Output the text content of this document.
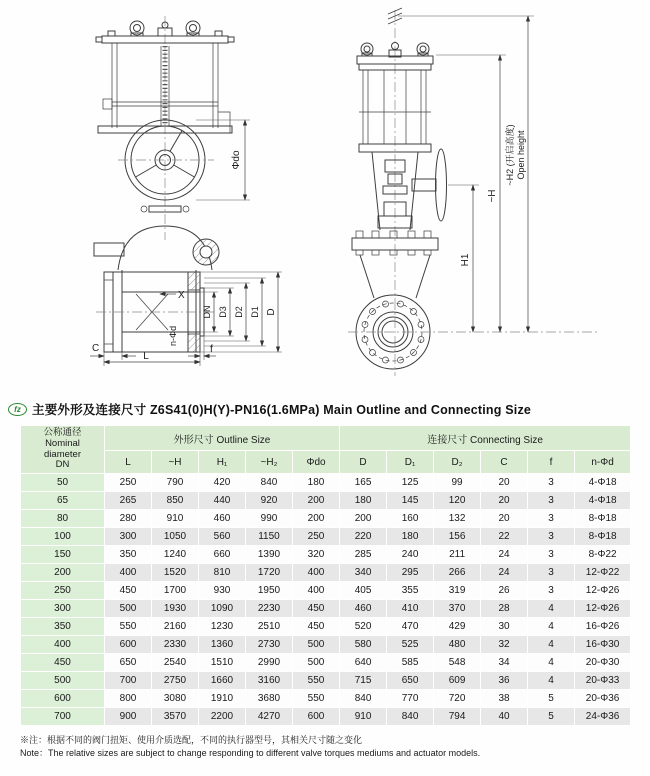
Φdo
X
DN D3 D2 D1 D
n-Φd
C
L
f
H1
~H
~H2 (开启高度) Open height
fz 主要外形及连接尺寸 Z6S41(0)H(Y)-PN16(1.6MPa) Main Outline and Connecting Size
公称通径
Nominal
diameter
DN	外形尺寸 Outline Size					连接尺寸 Connecting Size					
	L	~H	H₁	~H₂	Φdo	D	D₁	D₂	C	f	n-Φd
50	250	790	420	840	180	165	125	99	20	3	4-Φ18
65	265	850	440	920	200	180	145	120	20	3	4-Φ18
80	280	910	460	990	200	200	160	132	20	3	8-Φ18
100	300	1050	560	1150	250	220	180	156	22	3	8-Φ18
150	350	1240	660	1390	320	285	240	211	24	3	8-Φ22
200	400	1520	810	1720	400	340	295	266	24	3	12-Φ22
250	450	1700	930	1950	400	405	355	319	26	3	12-Φ26
300	500	1930	1090	2230	450	460	410	370	28	4	12-Φ26
350	550	2160	1230	2510	450	520	470	429	30	4	16-Φ26
400	600	2330	1360	2730	500	580	525	480	32	4	16-Φ30
450	650	2540	1510	2990	500	640	585	548	34	4	20-Φ30
500	700	2750	1660	3160	550	715	650	609	36	4	20-Φ33
600	800	3080	1910	3680	550	840	770	720	38	5	20-Φ36
700	900	3570	2200	4270	600	910	840	794	40	5	24-Φ36
※注：根据不同的阀门扭矩、使用介质选配，不同的执行器型号，其相关尺寸随之变化
Note：The relative sizes are subject to change responding to different valve torques mediums and actuator models.
